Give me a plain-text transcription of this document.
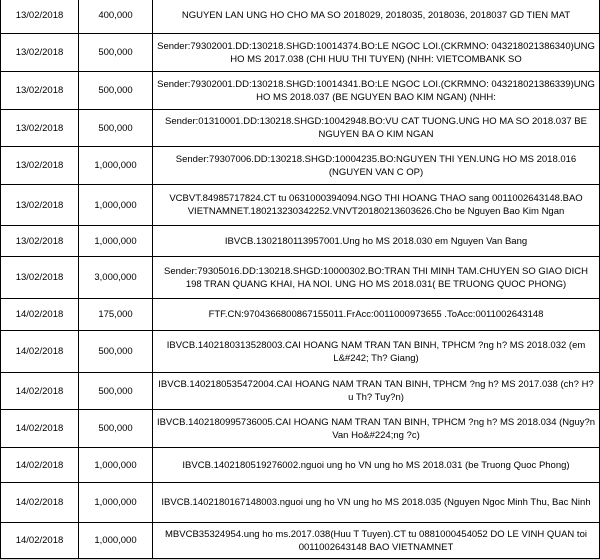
13/02/2018	400,000	NGUYEN LAN UNG HO CHO MA SO 2018029, 2018035, 2018036, 2018037 GD TIEN MAT
13/02/2018	500,000	Sender:79302001.DD:130218.SHGD:10014374.BO:LE NGOC LOI.(CKRMNO: 043218021386340)UNG HO MS 2017.038 (CHI HUU THI TUYEN) (NHH: VIETCOMBANK SO
13/02/2018	500,000	Sender:79302001.DD:130218.SHGD:10014341.BO:LE NGOC LOI.(CKRMNO: 043218021386339)UNG HO MS 2018.037 (BE NGUYEN BAO KIM NGAN) (NHH:
13/02/2018	500,000	Sender:01310001.DD:130218.SHGD:10042948.BO:VU CAT TUONG.UNG HO MA SO 2018.037 BE NGUYEN BA O KIM NGAN
13/02/2018	1,000,000	Sender:79307006.DD:130218.SHGD:10004235.BO:NGUYEN THI YEN.UNG HO MS 2018.016 (NGUYEN VAN C OP)
13/02/2018	1,000,000	VCBVT.84985717824.CT tu 0631000394094.NGO THI HOANG THAO sang 0011002643148.BAO VIETNAMNET.180213230342252.VNVT20180213603626.Cho be Nguyen Bao Kim Ngan
13/02/2018	1,000,000	IBVCB.1302180113957001.Ung ho MS 2018.030 em Nguyen Van Bang
13/02/2018	3,000,000	Sender:79305016.DD:130218.SHGD:10000302.BO:TRAN THI MINH TAM.CHUYEN SO GIAO DICH 198 TRAN QUANG KHAI, HA NOI. UNG HO MS 2018.031( BE TRUONG QUOC PHONG)
14/02/2018	175,000	FTF.CN:9704366800867155011.FrAcc:0011000973655 .ToAcc:0011002643148
14/02/2018	500,000	IBVCB.1402180313528003.CAI HOANG NAM TRAN TAN BINH, TPHCM ?ng h? MS 2018.032 (em L&#242; Th? Giang)
14/02/2018	500,000	IBVCB.1402180535472004.CAI HOANG NAM TRAN TAN BINH, TPHCM ?ng h? MS 2017.038 (ch? H?u Th? Tuy?n)
14/02/2018	500,000	IBVCB.1402180995736005.CAI HOANG NAM TRAN TAN BINH, TPHCM ?ng h? MS 2018.034 (Nguy?n Van Ho&#224;ng ?c)
14/02/2018	1,000,000	IBVCB.1402180519276002.nguoi ung ho VN ung ho MS 2018.031 (be Truong Quoc Phong)
14/02/2018	1,000,000	IBVCB.1402180167148003.nguoi ung ho VN ung ho MS 2018.035 (Nguyen Ngoc Minh Thu, Bac Ninh
14/02/2018	1,000,000	MBVCB35324954.ung ho ms.2017.038(Huu T Tuyen).CT tu 0881000454052 DO LE VINH QUAN toi 0011002643148 BAO VIETNAMNET
